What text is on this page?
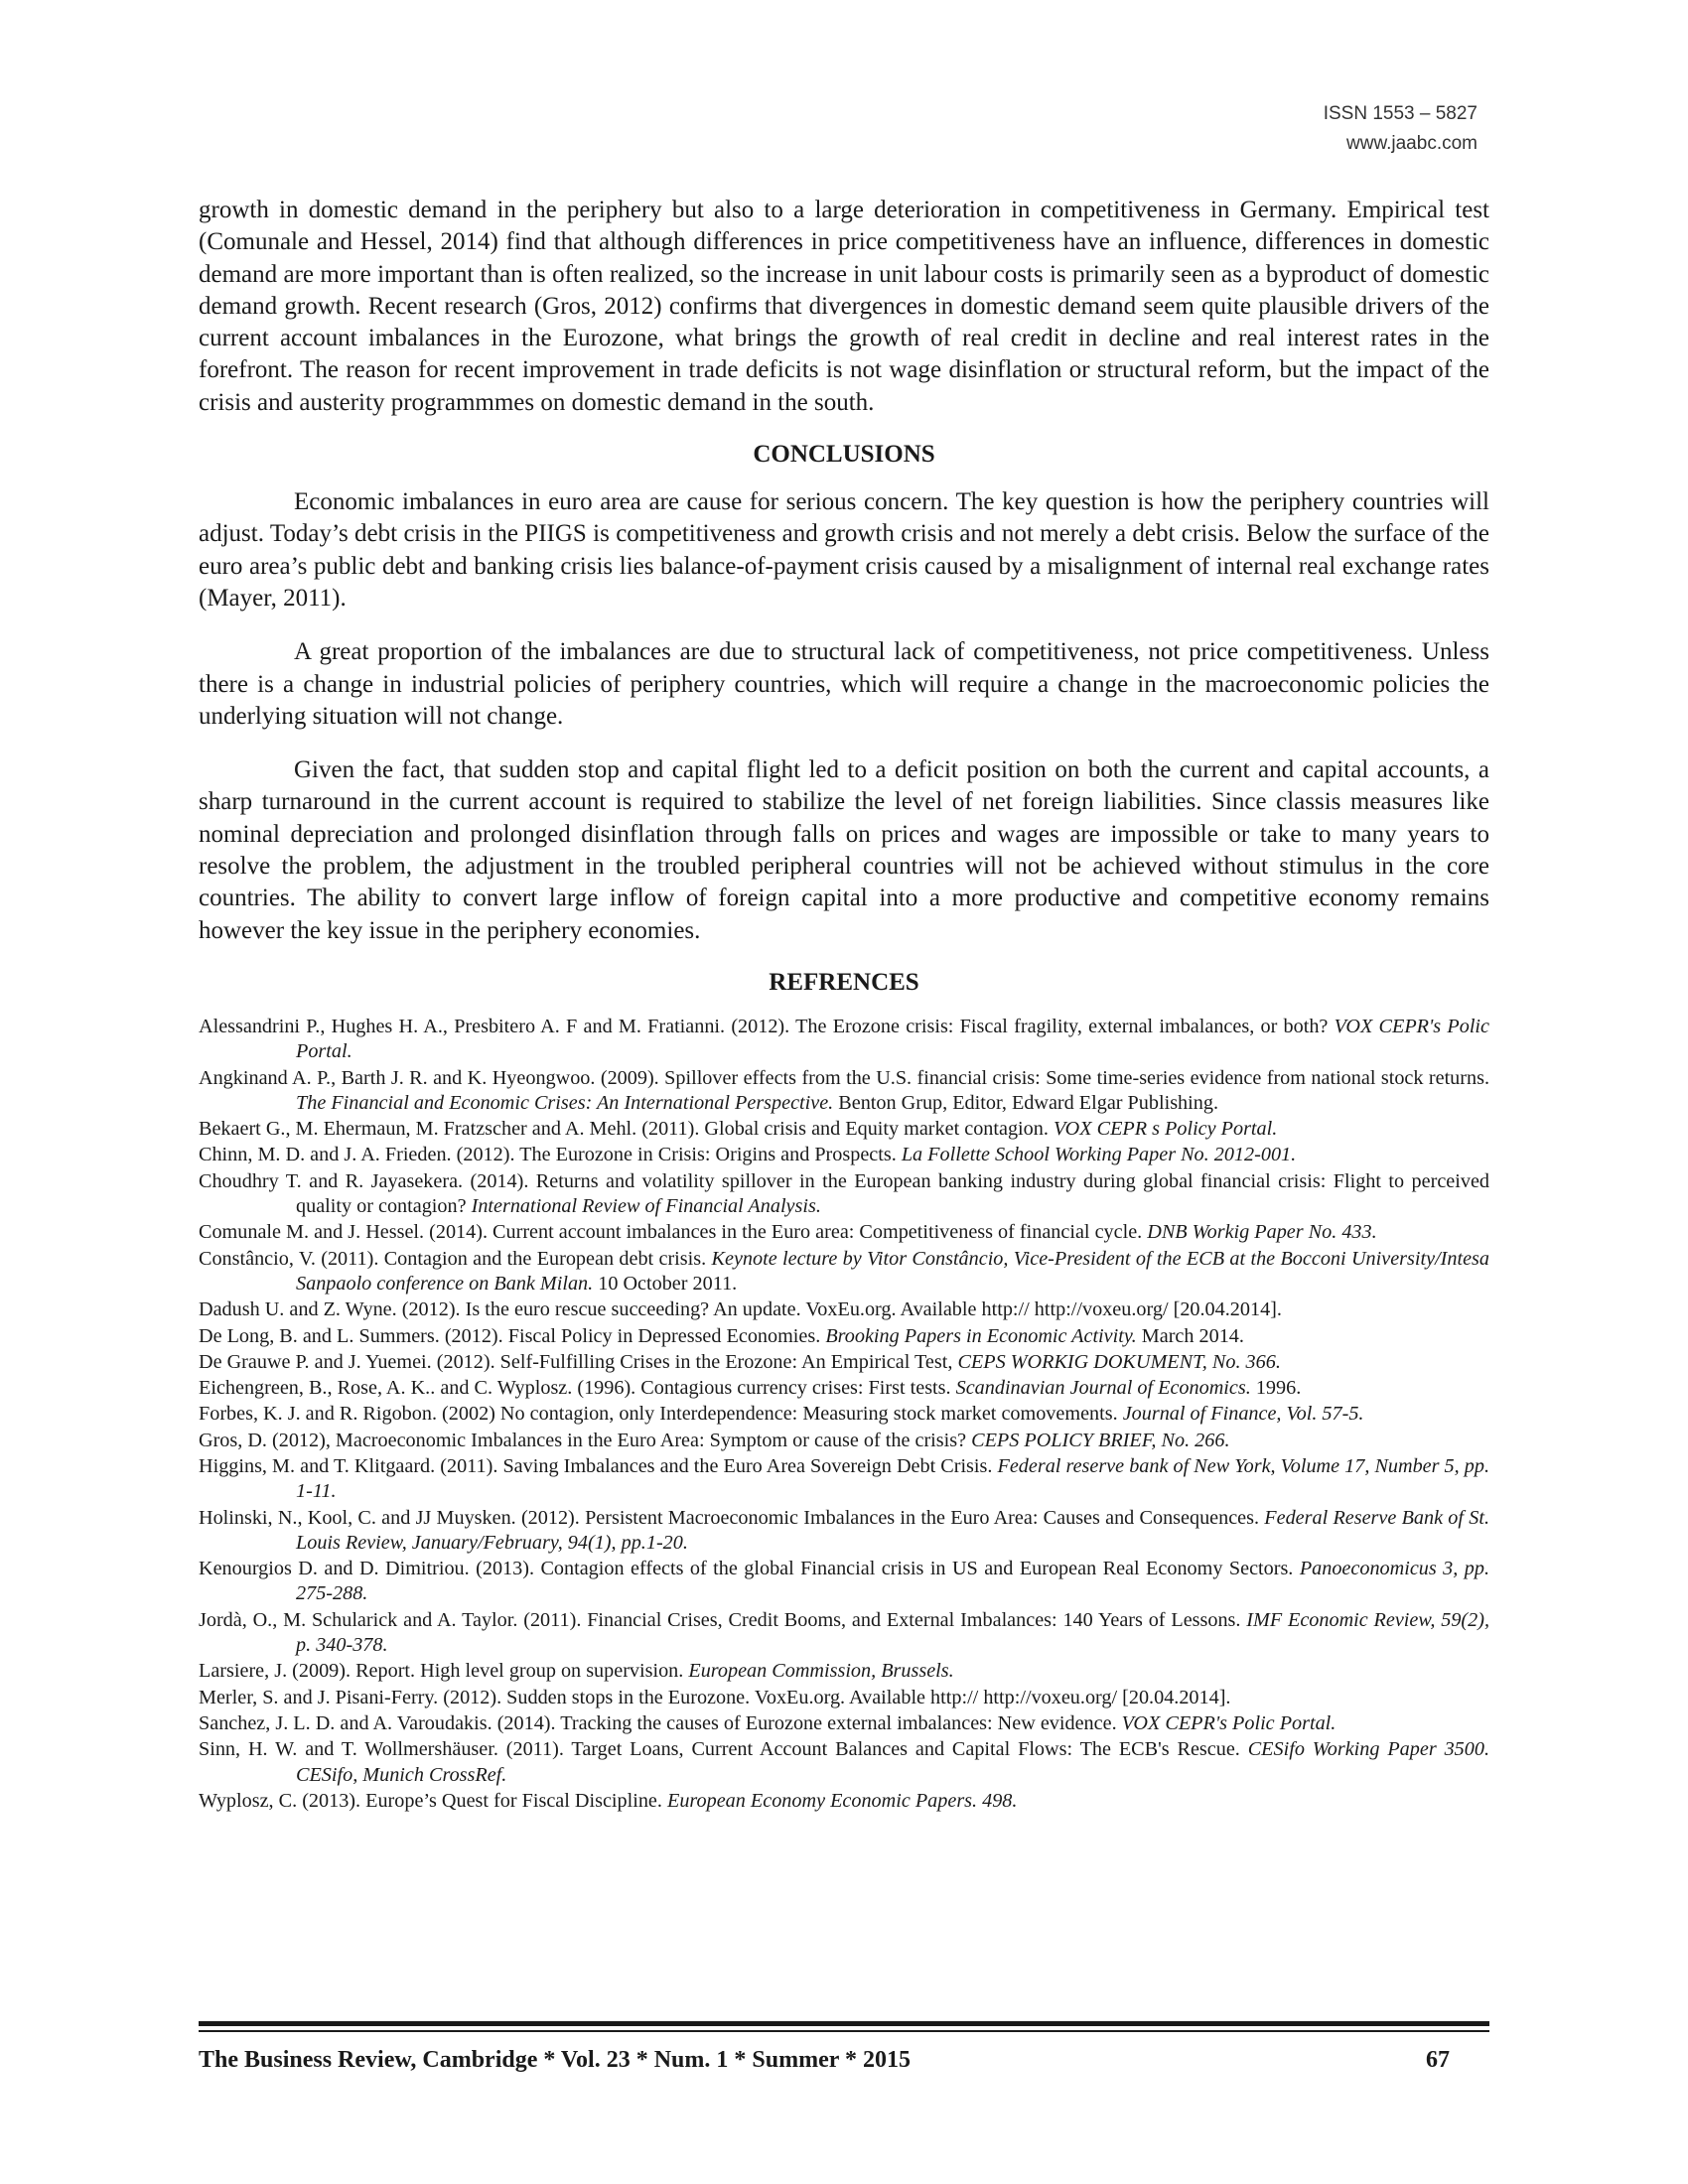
ISSN 1553 – 5827
www.jaabc.com

growth in domestic demand in the periphery but also to a large deterioration in competitiveness in Germany. Empirical test (Comunale and Hessel, 2014) find that although differences in price competitiveness have an influence, differences in domestic demand are more important than is often realized, so the increase in unit labour costs is primarily seen as a byproduct of domestic demand growth. Recent research (Gros, 2012) confirms that divergences in domestic demand seem quite plausible drivers of the current account imbalances in the Eurozone, what brings the growth of real credit in decline and real interest rates in the forefront. The reason for recent improvement in trade deficits is not wage disinflation or structural reform, but the impact of the crisis and austerity programmmes on domestic demand in the south.

CONCLUSIONS

Economic imbalances in euro area are cause for serious concern. The key question is how the periphery countries will adjust. Today’s debt crisis in the PIIGS is competitiveness and growth crisis and not merely a debt crisis. Below the surface of the euro area’s public debt and banking crisis lies balance-of-payment crisis caused by a misalignment of internal real exchange rates (Mayer, 2011).

A great proportion of the imbalances are due to structural lack of competitiveness, not price competitiveness. Unless there is a change in industrial policies of periphery countries, which will require a change in the macroeconomic policies the underlying situation will not change.

Given the fact, that sudden stop and capital flight led to a deficit position on both the current and capital accounts, a sharp turnaround in the current account is required to stabilize the level of net foreign liabilities. Since classis measures like nominal depreciation and prolonged disinflation through falls on prices and wages are impossible or take to many years to resolve the problem, the adjustment in the troubled peripheral countries will not be achieved without stimulus in the core countries. The ability to convert large inflow of foreign capital into a more productive and competitive economy remains however the key issue in the periphery economies.

REFRENCES

Alessandrini P., Hughes H. A., Presbitero A. F and M. Fratianni. (2012). The Erozone crisis: Fiscal fragility, external imbalances, or both? VOX CEPR's Polic Portal.

Angkinand A. P., Barth J. R. and K. Hyeongwoo. (2009). Spillover effects from the U.S. financial crisis: Some time-series evidence from national stock returns. The Financial and Economic Crises: An International Perspective. Benton Grup, Editor, Edward Elgar Publishing.

Bekaert G., M. Ehermaun, M. Fratzscher and A. Mehl. (2011). Global crisis and Equity market contagion. VOX CEPR s Policy Portal.

Chinn, M. D. and J. A. Frieden. (2012). The Eurozone in Crisis: Origins and Prospects. La Follette School Working Paper No. 2012-001.

Choudhry T. and R. Jayasekera. (2014). Returns and volatility spillover in the European banking industry during global financial crisis: Flight to perceived quality or contagion? International Review of Financial Analysis.

Comunale M. and J. Hessel. (2014). Current account imbalances in the Euro area: Competitiveness of financial cycle. DNB Workig Paper No. 433.

Constâncio, V. (2011). Contagion and the European debt crisis. Keynote lecture by Vitor Constâncio, Vice-President of the ECB at the Bocconi University/Intesa Sanpaolo conference on Bank Milan. 10 October 2011.

Dadush U. and Z. Wyne. (2012). Is the euro rescue succeeding? An update. VoxEu.org. Available http:// http://voxeu.org/ [20.04.2014].

De Long, B. and L. Summers. (2012). Fiscal Policy in Depressed Economies. Brooking Papers in Economic Activity. March 2014.

De Grauwe P. and J. Yuemei. (2012). Self-Fulfilling Crises in the Erozone: An Empirical Test, CEPS WORKIG DOKUMENT, No. 366.

Eichengreen, B., Rose, A. K.. and C. Wyplosz. (1996). Contagious currency crises: First tests. Scandinavian Journal of Economics. 1996.

Forbes, K. J. and R. Rigobon. (2002) No contagion, only Interdependence: Measuring stock market comovements. Journal of Finance, Vol. 57-5.

Gros, D. (2012), Macroeconomic Imbalances in the Euro Area: Symptom or cause of the crisis? CEPS POLICY BRIEF, No. 266.

Higgins, M. and T. Klitgaard. (2011). Saving Imbalances and the Euro Area Sovereign Debt Crisis. Federal reserve bank of New York, Volume 17, Number 5, pp. 1-11.

Holinski, N., Kool, C. and JJ Muysken. (2012). Persistent Macroeconomic Imbalances in the Euro Area: Causes and Consequences. Federal Reserve Bank of St. Louis Review, January/February, 94(1), pp.1-20.

Kenourgios D. and D. Dimitriou. (2013). Contagion effects of the global Financial crisis in US and European Real Economy Sectors. Panoeconomicus 3, pp. 275-288.

Jordà, O., M. Schularick and A. Taylor. (2011). Financial Crises, Credit Booms, and External Imbalances: 140 Years of Lessons. IMF Economic Review, 59(2), p. 340-378.

Larsiere, J. (2009). Report. High level group on supervision. European Commission, Brussels.

Merler, S. and J. Pisani-Ferry. (2012). Sudden stops in the Eurozone. VoxEu.org. Available http:// http://voxeu.org/ [20.04.2014].

Sanchez, J. L. D. and A. Varoudakis. (2014). Tracking the causes of Eurozone external imbalances: New evidence. VOX CEPR's Polic Portal.

Sinn, H. W. and T. Wollmershäuser. (2011). Target Loans, Current Account Balances and Capital Flows: The ECB's Rescue. CESifo Working Paper 3500. CESifo, Munich CrossRef.

Wyplosz, C. (2013). Europe’s Quest for Fiscal Discipline. European Economy Economic Papers. 498.

The Business Review, Cambridge * Vol. 23 * Num. 1 * Summer * 2015	67
